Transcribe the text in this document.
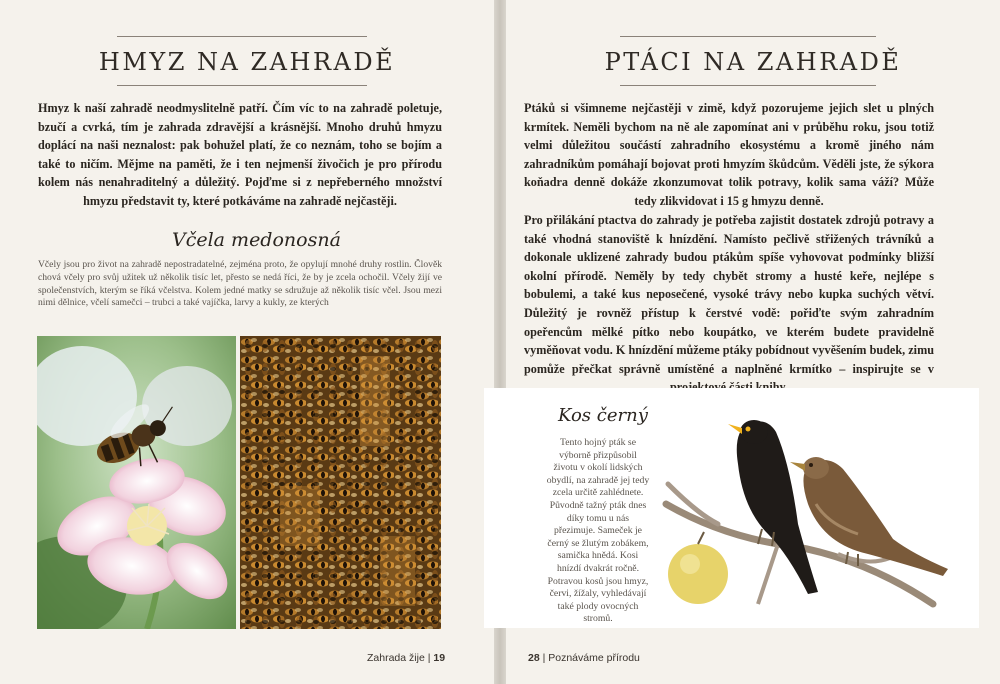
HMYZ NA ZAHRADĚ

Hmyz k naší zahradě neodmyslitelně patří. Čím víc to na zahradě poletuje, bzučí a cvrká, tím je zahrada zdravější a krásnější. Mnoho druhů hmyzu doplácí na naši neznalost: pak bohužel platí, že co neznám, toho se bojím a také to ničím. Mějme na paměti, že i ten nejmenší živočich je pro přírodu kolem nás nenahraditelný a důležitý. Pojďme si z nepřeberného množství hmyzu představit ty, které potkáváme na zahradě nejčastěji.

Včela medonosná
Včely jsou pro život na zahradě nepostradatelné, zejména proto, že opylují mnohé druhy rostlin. Člověk chová včely pro svůj užitek už několik tisíc let, přesto se nedá říci, že by je zcela ochočil. Včely žijí ve společenstvích, kterým se říká včelstva. Kolem jedné matky se sdružuje až několik tisíc včel. Jsou mezi nimi dělnice, včelí samečci – trubci a také vajíčka, larvy a kukly, ze kterých
Zahrada žije | 19
PTÁCI NA ZAHRADĚ

Ptáků si všimneme nejčastěji v zimě, když pozorujeme jejich slet u plných krmítek. Neměli bychom na ně ale zapomínat ani v průběhu roku, jsou totiž velmi důležitou součástí zahradního ekosystému a kromě jiného nám zahradníkům pomáhají bojovat proti hmyzím škůdcům. Věděli jste, že sýkora koňadra denně dokáže zkonzumovat tolik potravy, kolik sama váží? Může tedy zlikvidovat i 15 g hmyzu denně.

Pro přilákání ptactva do zahrady je potřeba zajistit dostatek zdrojů potravy a také vhodná stanoviště k hnízdění. Namísto pečlivě střižených trávníků a dokonale uklizené zahrady budou ptákům spíše vyhovovat podmínky bližší okolní přírodě. Neměly by tedy chybět stromy a husté keře, nejlépe s bobulemi, a také kus neposečené, vysoké trávy nebo kupka suchých větví. Důležitý je rovněž přístup k čerstvé vodě: pořiďte svým zahradním opeřencům mělké pítko nebo koupátko, ve kterém budete pravidelně vyměňovat vodu. K hnízdění můžeme ptáky pobídnout vyvěšením budek, zimu pomůže přečkat správně umístěné a naplněné krmítko – inspirujte se v

Kos černý
Tento hojný pták se výborně přizpůsobil životu v okolí lidských obydlí, na zahradě jej tedy zcela určitě zahlédnete. Původně tažný pták dnes díky tomu u nás přezimuje. Sameček je černý se žlutým zobákem, samička hnědá. Kosi hnízdí dvakrát ročně. Potravou kosů jsou hmyz, červi, žížaly, vyhledávají také plody ovocných stromů.
28 | Poznáváme přírodu
